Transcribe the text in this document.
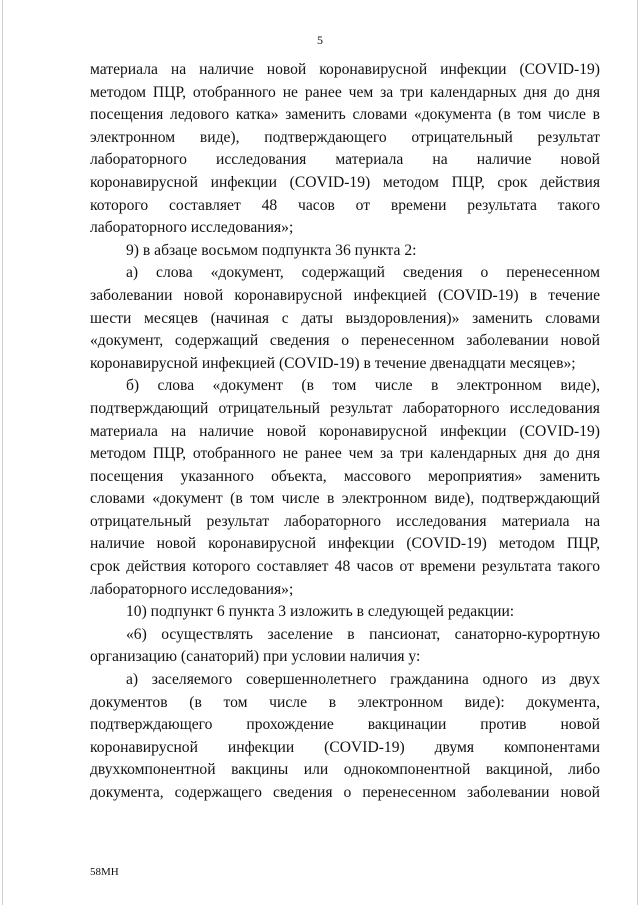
5
материала на наличие новой коронавирусной инфекции (COVID-19)
методом ПЦР, отобранного не ранее чем за три календарных дня до дня
посещения ледового катка» заменить словами «документа (в том числе в
электронном виде), подтверждающего отрицательный результат
лабораторного исследования материала на наличие новой
коронавирусной инфекции (COVID-19) методом ПЦР, срок действия
которого составляет 48 часов от времени результата такого
лабораторного исследования»;
9) в абзаце восьмом подпункта 36 пункта 2:
а) слова «документ, содержащий сведения о перенесенном
заболевании новой коронавирусной инфекцией (COVID-19) в течение
шести месяцев (начиная с даты выздоровления)» заменить словами
«документ, содержащий сведения о перенесенном заболевании новой
коронавирусной инфекцией (COVID-19) в течение двенадцати месяцев»;
б) слова «документ (в том числе в электронном виде),
подтверждающий отрицательный результат лабораторного исследования
материала на наличие новой коронавирусной инфекции (COVID-19)
методом ПЦР, отобранного не ранее чем за три календарных дня до дня
посещения указанного объекта, массового мероприятия» заменить
словами «документ (в том числе в электронном виде), подтверждающий
отрицательный результат лабораторного исследования материала на
наличие новой коронавирусной инфекции (COVID-19) методом ПЦР,
срок действия которого составляет 48 часов от времени результата такого
лабораторного исследования»;
10) подпункт 6 пункта 3 изложить в следующей редакции:
«6) осуществлять заселение в пансионат, санаторно-курортную
организацию (санаторий) при условии наличия у:
а) заселяемого совершеннолетнего гражданина одного из двух
документов (в том числе в электронном виде): документа,
подтверждающего прохождение вакцинации против новой
коронавирусной инфекции (COVID-19) двумя компонентами
двухкомпонентной вакцины или однокомпонентной вакциной, либо
документа, содержащего сведения о перенесенном заболевании новой
58МН
